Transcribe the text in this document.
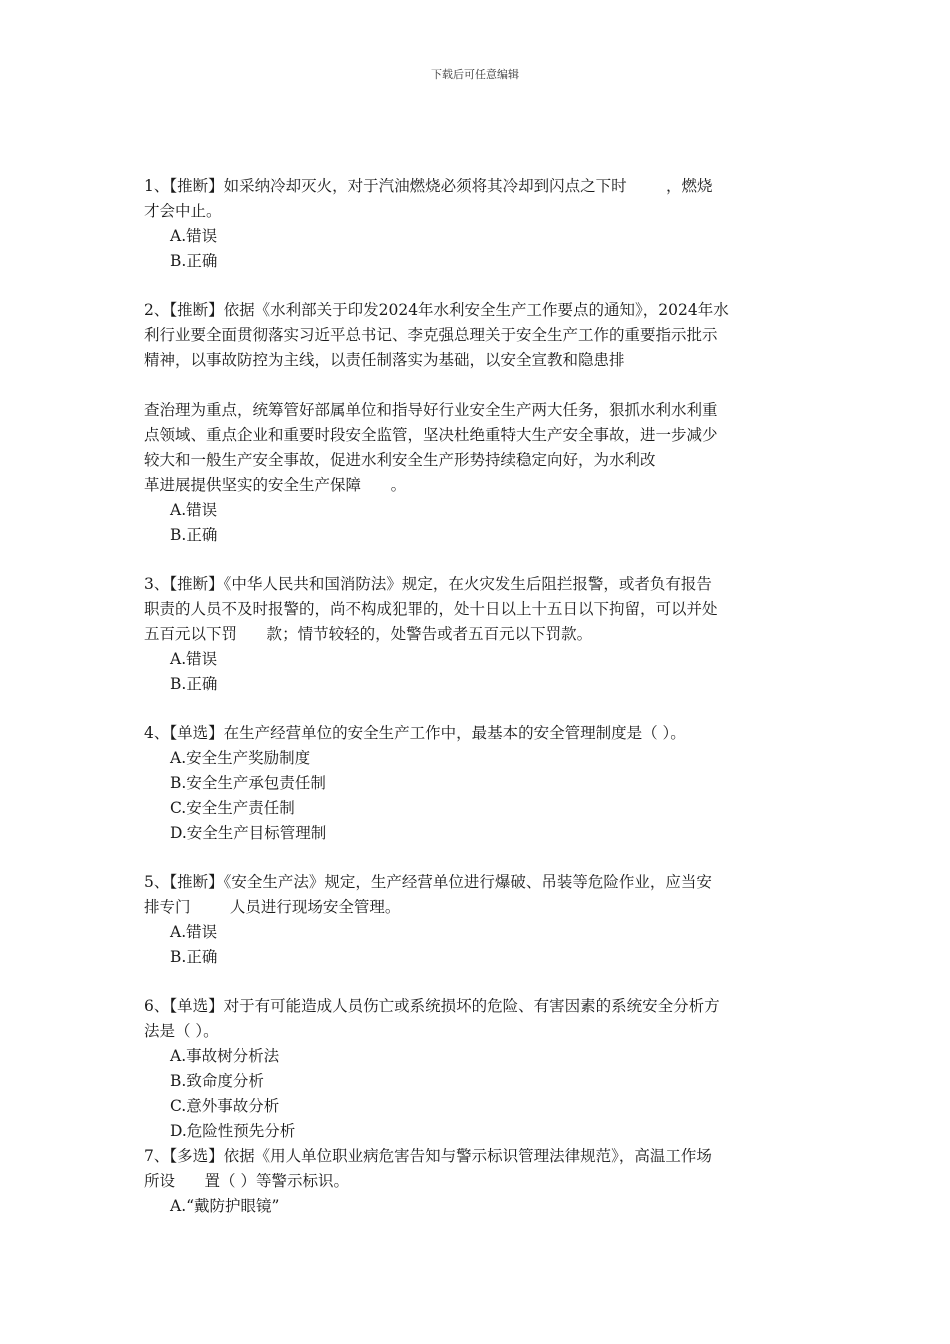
下载后可任意编辑

1、【推断】如采纳冷却灭火，对于汽油燃烧必须将其冷却到闪点之下时        ，燃烧

才会中止。

A.错误

B.正确

2、【推断】依据《水利部关于印发2024年水利安全生产工作要点的通知》，2024年水

利行业要全面贯彻落实习近平总书记、李克强总理关于安全生产工作的重要指示批示

精神，以事故防控为主线，以责任制落实为基础，以安全宣教和隐患排

查治理为重点，统筹管好部属单位和指导好行业安全生产两大任务，狠抓水利水利重

点领域、重点企业和重要时段安全监管，坚决杜绝重特大生产安全事故，进一步减少

较大和一般生产安全事故，促进水利安全生产形势持续稳定向好，为水利改

革进展提供坚实的安全生产保障      。

A.错误

B.正确

3、【推断】《中华人民共和国消防法》规定，在火灾发生后阻拦报警，或者负有报告

职责的人员不及时报警的，尚不构成犯罪的，处十日以上十五日以下拘留，可以并处

五百元以下罚      款；情节较轻的，处警告或者五百元以下罚款。

A.错误

B.正确

4、【单选】在生产经营单位的安全生产工作中，最基本的安全管理制度是（ ）。

A.安全生产奖励制度

B.安全生产承包责任制

C.安全生产责任制

D.安全生产目标管理制

5、【推断】《安全生产法》规定，生产经营单位进行爆破、吊装等危险作业，应当安

排专门        人员进行现场安全管理。

A.错误

B.正确

6、【单选】对于有可能造成人员伤亡或系统损坏的危险、有害因素的系统安全分析方

法是（ ）。

A.事故树分析法

B.致命度分析

C.意外事故分析

D.危险性预先分析

7、【多选】依据《用人单位职业病危害告知与警示标识管理法律规范》，高温工作场

所设      置（ ）等警示标识。

A.“戴防护眼镜”
